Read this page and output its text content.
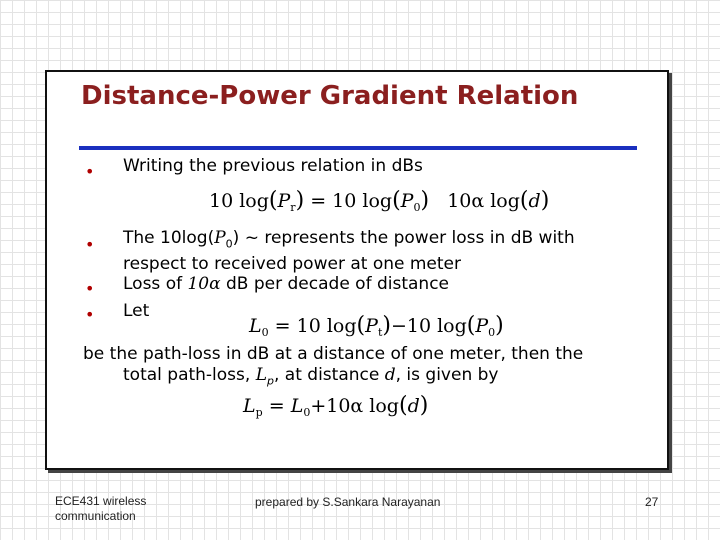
Distance-Power Gradient Relation
• Writing the previous relation in dBs
10 $\log(P_r) = 10$ $\log(P_0)$ 10α log(d)
• The $10\log(P_0)$ ~ represents the power loss in dB with respect to received power at one meter
• Loss of 10α dB per decade of distance
• Let
$L_0 = 10$ $\log(P_t)-10$ $\log(P_0)$
be the path-loss in dB at a distance of one meter, then the
total path-loss, $L_p$, at distance d, is given by
$L_p = L_0+10\alpha$ log(d)
ECE431 wireless communication
prepared by S.Sankara Narayanan	27
